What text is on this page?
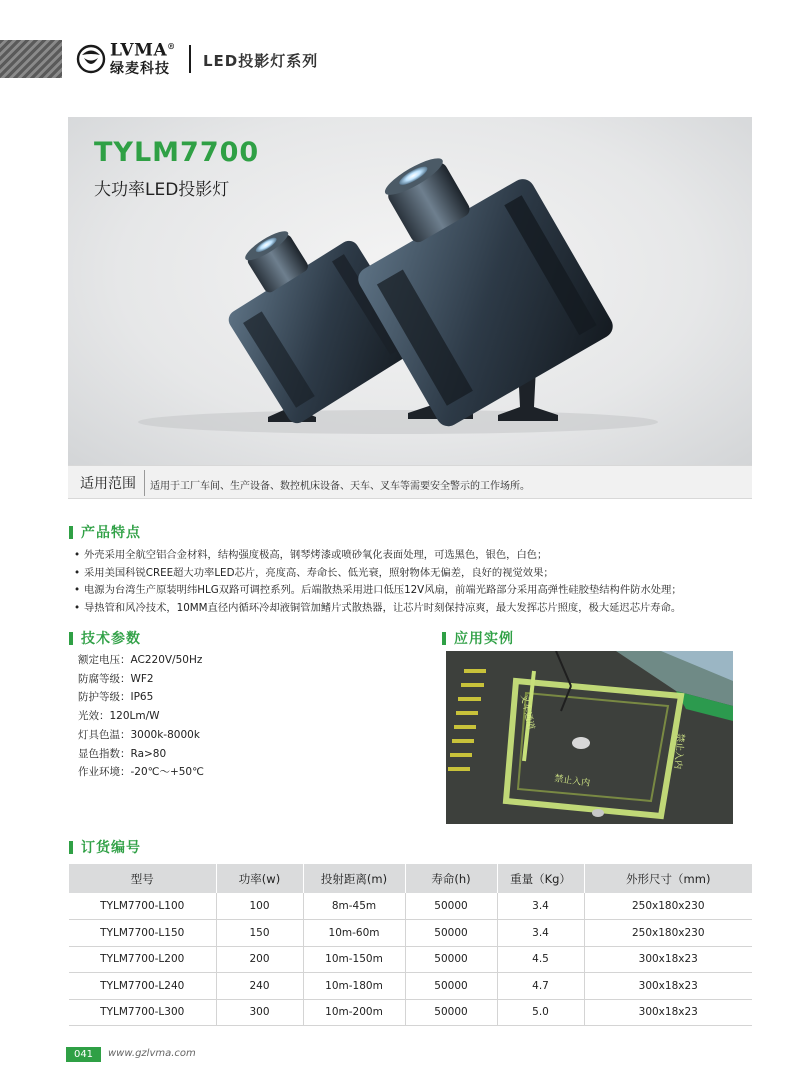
LVMA®
绿麦科技	LED投影灯系列
TYLM7700
大功率LED投影灯
适用范围 适用于工厂车间、生产设备、数控机床设备、天车、叉车等需要安全警示的工作场所。
产品特点
• 外壳采用全航空铝合金材料，结构强度极高，钢琴烤漆或喷砂氧化表面处理，可选黑色，银色，白色；
• 采用美国科锐CREE超大功率LED芯片，亮度高、寿命长、低光衰，照射物体无偏差，良好的视觉效果；
• 电源为台湾生产原装明纬HLG双路可调控系列。后端散热采用进口低压12V风扇，前端光路部分采用高弹性硅胶垫结构件防水处理；
• 导热管和风冷技术，10MM直径内循环冷却液铜管加鳍片式散热器，让芯片时刻保持凉爽，最大发挥芯片照度，极大延迟芯片寿命。
技术参数
额定电压：AC220V/50Hz
防腐等级：WF2
防护等级：IP65
光效：120Lm/W
灯具色温：3000k-8000k
显色指数：Ra>80
作业环境：-20℃～+50℃
应用实例
叉车通道
禁止入内
禁止入内
订货编号
型号	功率(w)	投射距离(m)	寿命(h)	重量（Kg）	外形尺寸（mm)
TYLM7700-L100	100	8m-45m	50000	3.4	250x180x230
TYLM7700-L150	150	10m-60m	50000	3.4	250x180x230
TYLM7700-L200	200	10m-150m	50000	4.5	300x18x23
TYLM7700-L240	240	10m-180m	50000	4.7	300x18x23
TYLM7700-L300	300	10m-200m	50000	5.0	300x18x23
041	www.gzlvma.com
